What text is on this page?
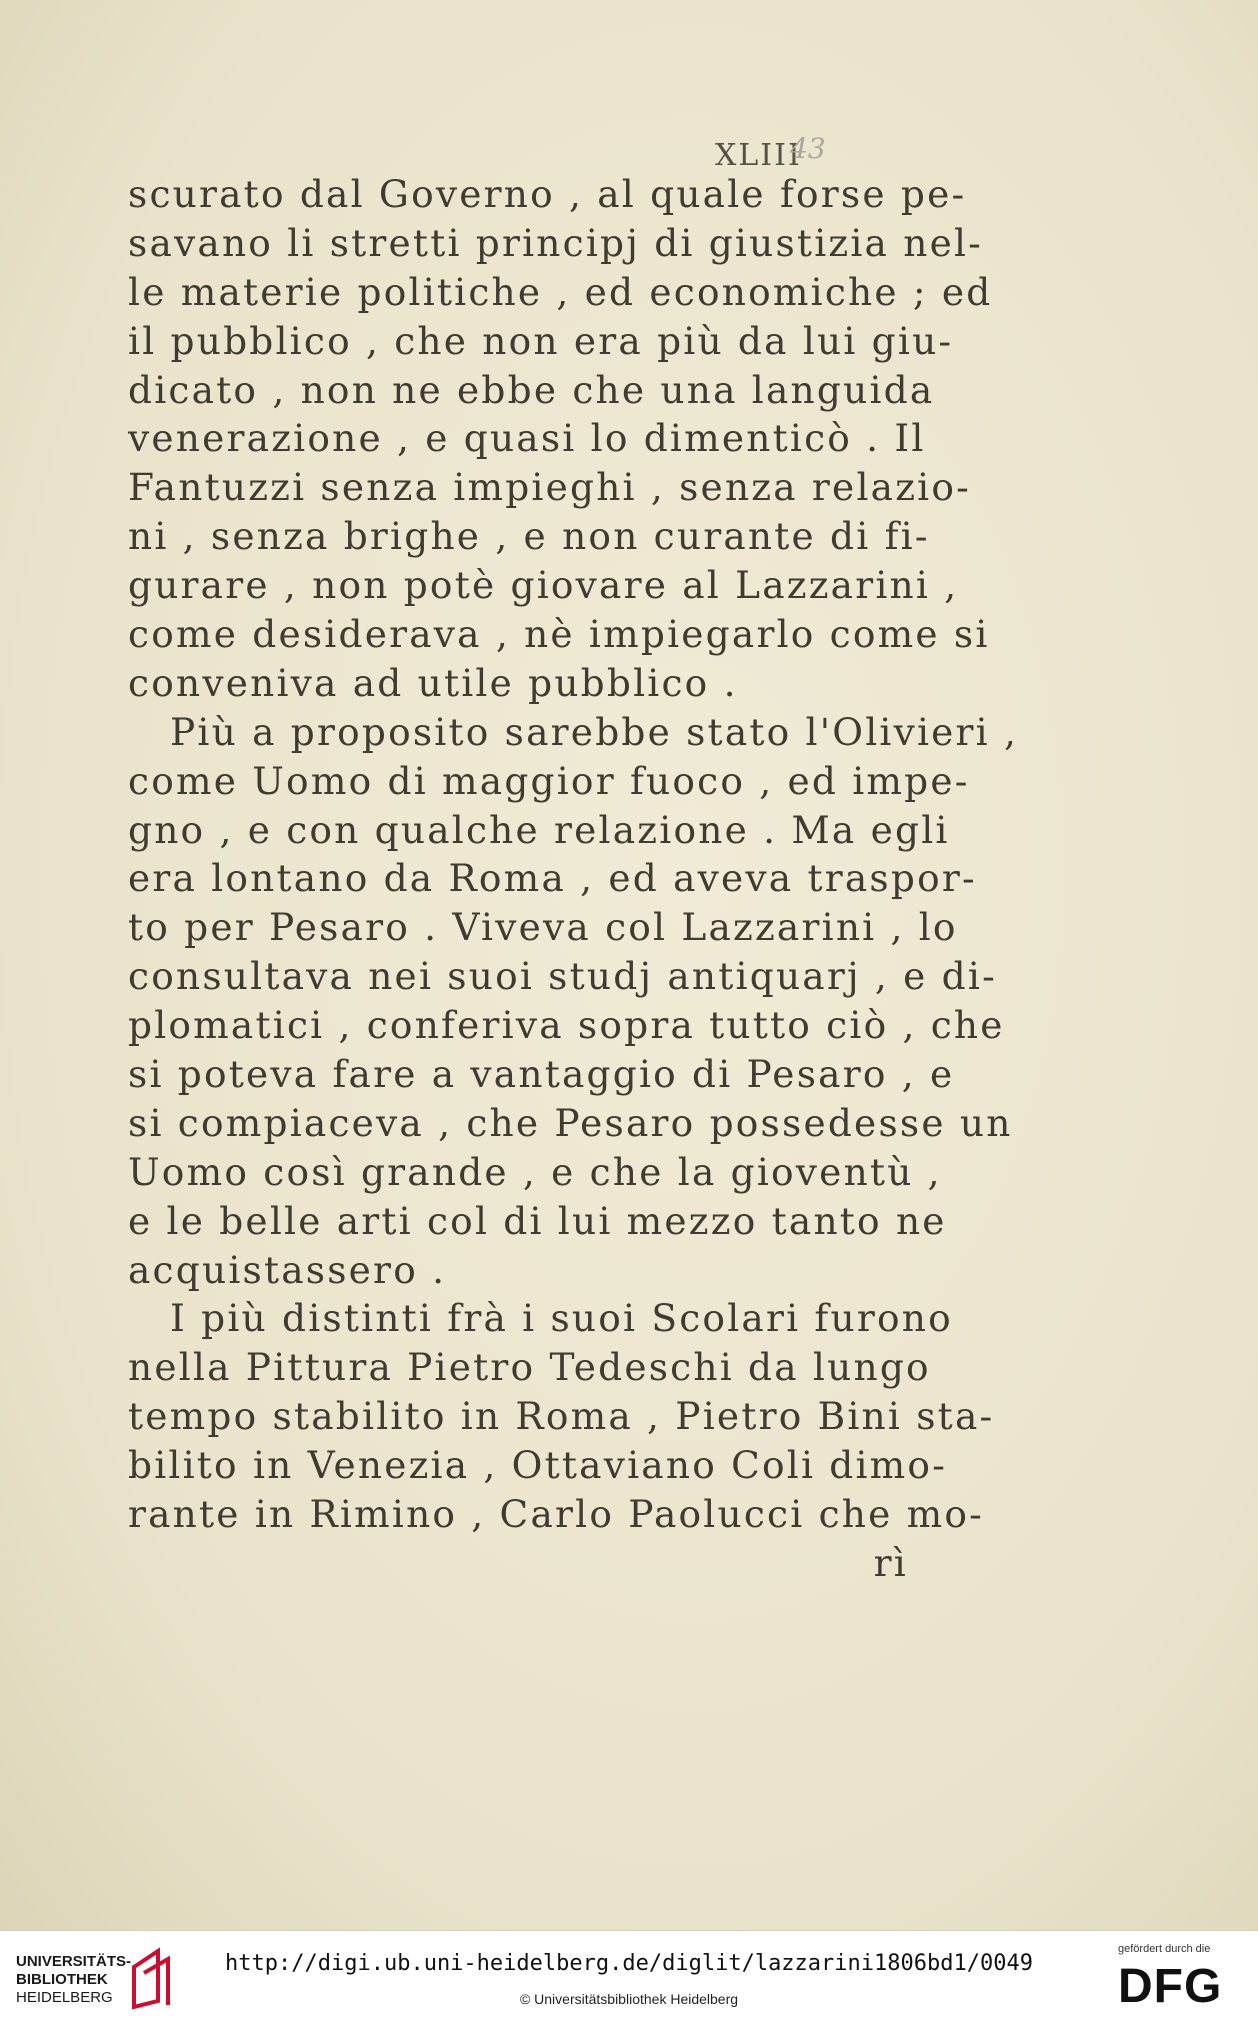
XLIII
43
scurato dal Governo , al quale forse pe-
savano li stretti principj di giustizia nel-
le materie politiche , ed economiche ; ed
il pubblico , che non era più da lui giu-
dicato , non ne ebbe che una languida
venerazione , e quasi lo dimenticò . Il
Fantuzzi senza impieghi , senza relazio-
ni , senza brighe , e non curante di fi-
gurare , non potè giovare al Lazzarini ,
come desiderava , nè impiegarlo come si
conveniva ad utile pubblico .
Più a proposito sarebbe stato l'Olivieri ,
come Uomo di maggior fuoco , ed impe-
gno , e con qualche relazione . Ma egli
era lontano da Roma , ed aveva traspor-
to per Pesaro . Viveva col Lazzarini , lo
consultava nei suoi studj antiquarj , e di-
plomatici , conferiva sopra tutto ciò , che
si poteva fare a vantaggio di Pesaro , e
si compiaceva , che Pesaro possedesse un
Uomo così grande , e che la gioventù ,
e le belle arti col di lui mezzo tanto ne
acquistassero .
I più distinti frà i suoi Scolari furono
nella Pittura Pietro Tedeschi da lungo
tempo stabilito in Roma , Pietro Bini sta-
bilito in Venezia , Ottaviano Coli dimo-
rante in Rimino , Carlo Paolucci che mo-
rì
UNIVERSITÄTS-
BIBLIOTHEK
HEIDELBERG
http://digi.ub.uni-heidelberg.de/diglit/lazzarini1806bd1/0049
© Universitätsbibliothek Heidelberg
gefördert durch die
DFG
